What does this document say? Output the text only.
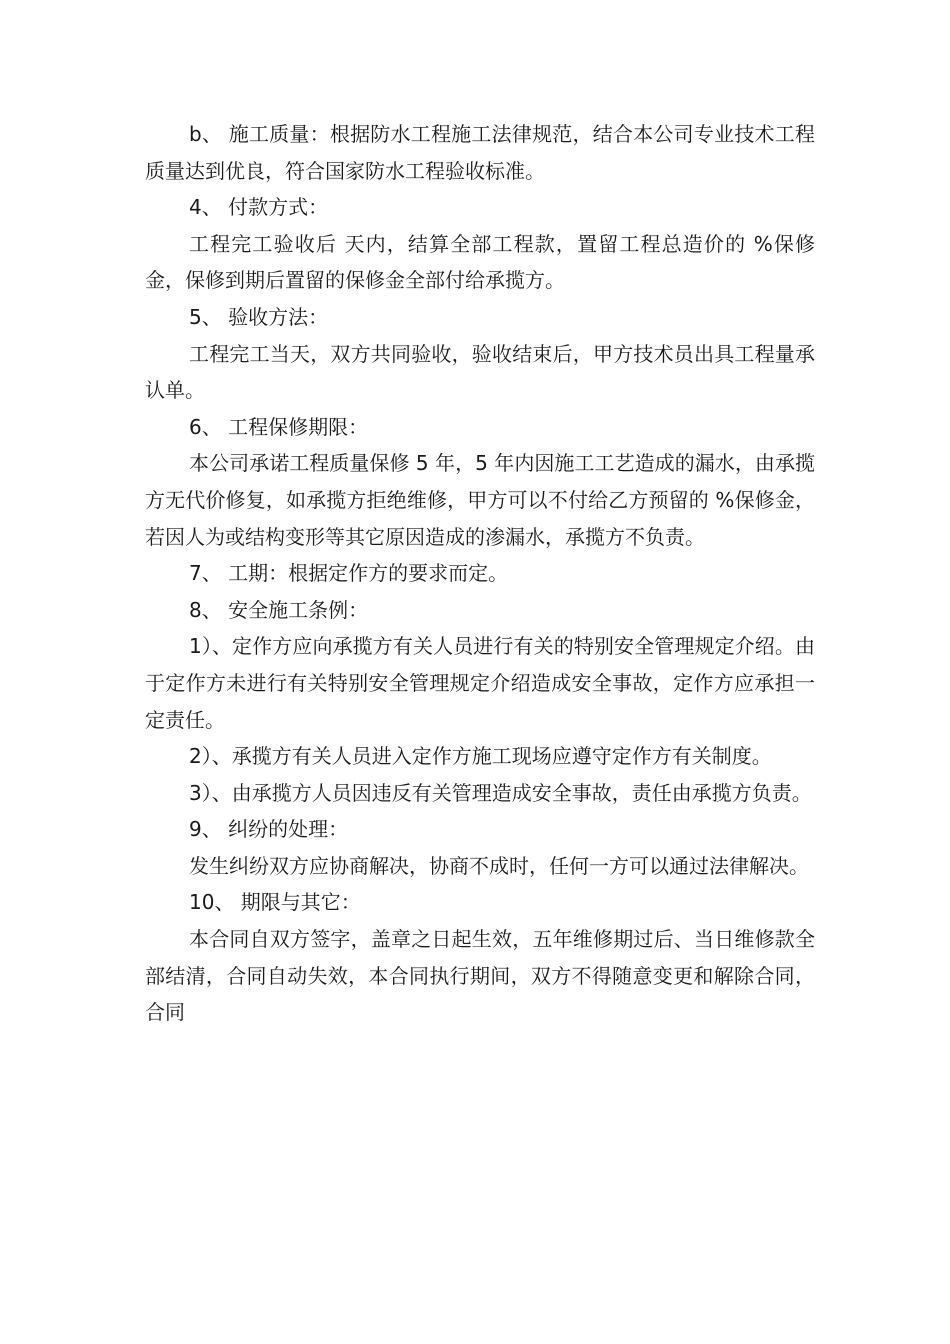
b、 施工质量：根据防水工程施工法律规范，结合本公司专业技术工程质量达到优良，符合国家防水工程验收标准。

4、 付款方式：

工程完工验收后 天内，结算全部工程款，置留工程总造价的 %保修金，保修到期后置留的保修金全部付给承揽方。

5、 验收方法：

工程完工当天，双方共同验收，验收结束后，甲方技术员出具工程量承认单。

6、 工程保修期限：

本公司承诺工程质量保修 5 年，5 年内因施工工艺造成的漏水，由承揽方无代价修复，如承揽方拒绝维修，甲方可以不付给乙方预留的 %保修金，若因人为或结构变形等其它原因造成的渗漏水，承揽方不负责。

7、 工期：根据定作方的要求而定。

8、 安全施工条例：

1）、定作方应向承揽方有关人员进行有关的特别安全管理规定介绍。由于定作方未进行有关特别安全管理规定介绍造成安全事故，定作方应承担一定责任。

2）、承揽方有关人员进入定作方施工现场应遵守定作方有关制度。

3）、由承揽方人员因违反有关管理造成安全事故，责任由承揽方负责。

9、 纠纷的处理：

发生纠纷双方应协商解决，协商不成时，任何一方可以通过法律解决。

10、 期限与其它：

本合同自双方签字，盖章之日起生效，五年维修期过后、当日维修款全部结清，合同自动失效，本合同执行期间，双方不得随意变更和解除合同，合同
